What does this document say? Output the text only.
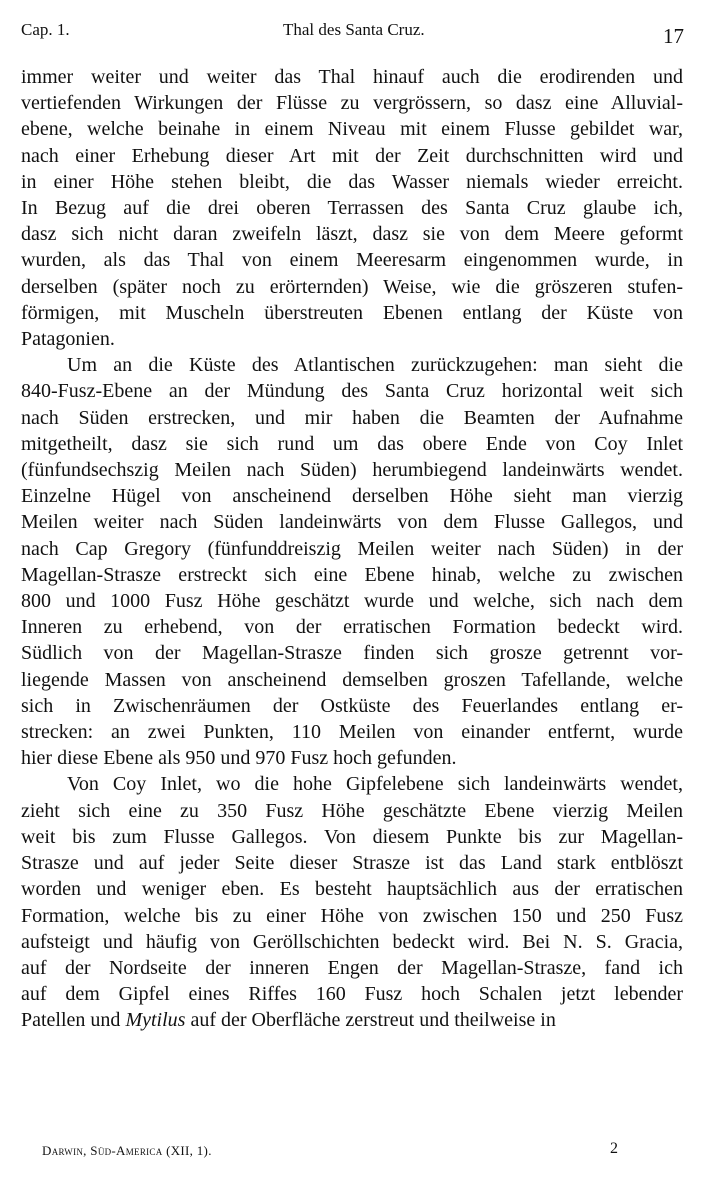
Cap. 1.	Thal des Santa Cruz.	17
immer weiter und weiter das Thal hinauf auch die erodirenden und
vertiefenden Wirkungen der Flüsse zu vergrössern, so dasz eine Alluvial-
ebene, welche beinahe in einem Niveau mit einem Flusse gebildet war,
nach einer Erhebung dieser Art mit der Zeit durchschnitten wird und
in einer Höhe stehen bleibt, die das Wasser niemals wieder erreicht.
In Bezug auf die drei oberen Terrassen des Santa Cruz glaube ich,
dasz sich nicht daran zweifeln läszt, dasz sie von dem Meere geformt
wurden, als das Thal von einem Meeresarm eingenommen wurde, in
derselben (später noch zu erörternden) Weise, wie die gröszeren stufen-
förmigen, mit Muscheln überstreuten Ebenen entlang der Küste von
Patagonien.
Um an die Küste des Atlantischen zurückzugehen: man sieht die
840-Fusz-Ebene an der Mündung des Santa Cruz horizontal weit sich
nach Süden erstrecken, und mir haben die Beamten der Aufnahme
mitgetheilt, dasz sie sich rund um das obere Ende von Coy Inlet
(fünfundsechszig Meilen nach Süden) herumbiegend landeinwärts wendet.
Einzelne Hügel von anscheinend derselben Höhe sieht man vierzig
Meilen weiter nach Süden landeinwärts von dem Flusse Gallegos, und
nach Cap Gregory (fünfunddreiszig Meilen weiter nach Süden) in der
Magellan-Strasze erstreckt sich eine Ebene hinab, welche zu zwischen
800 und 1000 Fusz Höhe geschätzt wurde und welche, sich nach dem
Inneren zu erhebend, von der erratischen Formation bedeckt wird.
Südlich von der Magellan-Strasze finden sich grosze getrennt vor-
liegende Massen von anscheinend demselben groszen Tafellande, welche
sich in Zwischenräumen der Ostküste des Feuerlandes entlang er-
strecken: an zwei Punkten, 110 Meilen von einander entfernt, wurde
hier diese Ebene als 950 und 970 Fusz hoch gefunden.
Von Coy Inlet, wo die hohe Gipfelebene sich landeinwärts wendet,
zieht sich eine zu 350 Fusz Höhe geschätzte Ebene vierzig Meilen
weit bis zum Flusse Gallegos. Von diesem Punkte bis zur Magellan-
Strasze und auf jeder Seite dieser Strasze ist das Land stark entblöszt
worden und weniger eben. Es besteht hauptsächlich aus der erratischen
Formation, welche bis zu einer Höhe von zwischen 150 und 250 Fusz
aufsteigt und häufig von Geröllschichten bedeckt wird. Bei N. S. Gracia,
auf der Nordseite der inneren Engen der Magellan-Strasze, fand ich
auf dem Gipfel eines Riffes 160 Fusz hoch Schalen jetzt lebender
Patellen und Mytilus auf der Oberfläche zerstreut und theilweise in
Darwin, Süd-America (XII, 1).	2
